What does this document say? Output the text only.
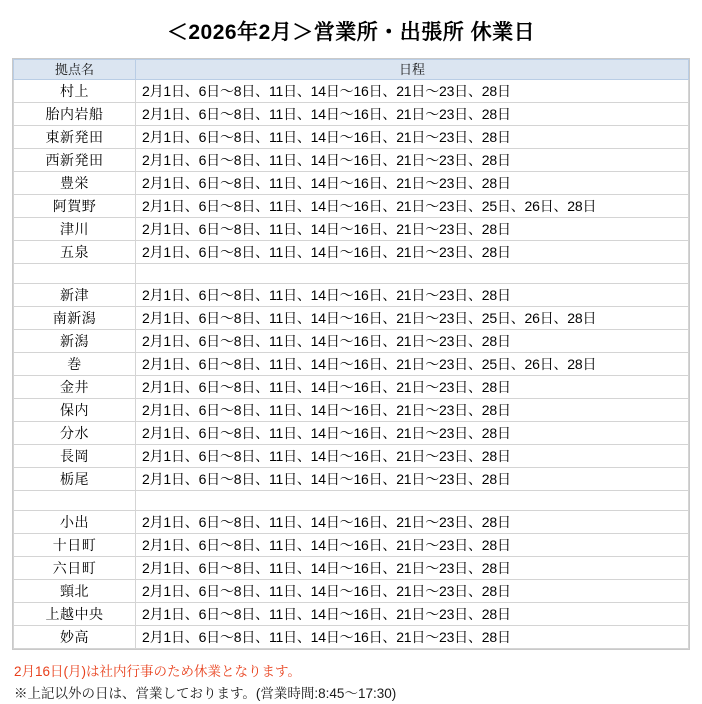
＜2026年2月＞営業所・出張所 休業日
拠点名	日程
村上	2月1日、6日～8日、11日、14日～16日、21日～23日、28日
胎内岩船	2月1日、6日～8日、11日、14日～16日、21日～23日、28日
東新発田	2月1日、6日～8日、11日、14日～16日、21日～23日、28日
西新発田	2月1日、6日～8日、11日、14日～16日、21日～23日、28日
豊栄	2月1日、6日～8日、11日、14日～16日、21日～23日、28日
阿賀野	2月1日、6日～8日、11日、14日～16日、21日～23日、25日、26日、28日
津川	2月1日、6日～8日、11日、14日～16日、21日～23日、28日
五泉	2月1日、6日～8日、11日、14日～16日、21日～23日、28日

新津	2月1日、6日～8日、11日、14日～16日、21日～23日、28日
南新潟	2月1日、6日～8日、11日、14日～16日、21日～23日、25日、26日、28日
新潟	2月1日、6日～8日、11日、14日～16日、21日～23日、28日
巻	2月1日、6日～8日、11日、14日～16日、21日～23日、25日、26日、28日
金井	2月1日、6日～8日、11日、14日～16日、21日～23日、28日
保内	2月1日、6日～8日、11日、14日～16日、21日～23日、28日
分水	2月1日、6日～8日、11日、14日～16日、21日～23日、28日
長岡	2月1日、6日～8日、11日、14日～16日、21日～23日、28日
栃尾	2月1日、6日～8日、11日、14日～16日、21日～23日、28日

小出	2月1日、6日～8日、11日、14日～16日、21日～23日、28日
十日町	2月1日、6日～8日、11日、14日～16日、21日～23日、28日
六日町	2月1日、6日～8日、11日、14日～16日、21日～23日、28日
頸北	2月1日、6日～8日、11日、14日～16日、21日～23日、28日
上越中央	2月1日、6日～8日、11日、14日～16日、21日～23日、28日
妙高	2月1日、6日～8日、11日、14日～16日、21日～23日、28日
2月16日(月)は社内行事のため休業となります。
※上記以外の日は、営業しております。(営業時間:8:45～17:30)
